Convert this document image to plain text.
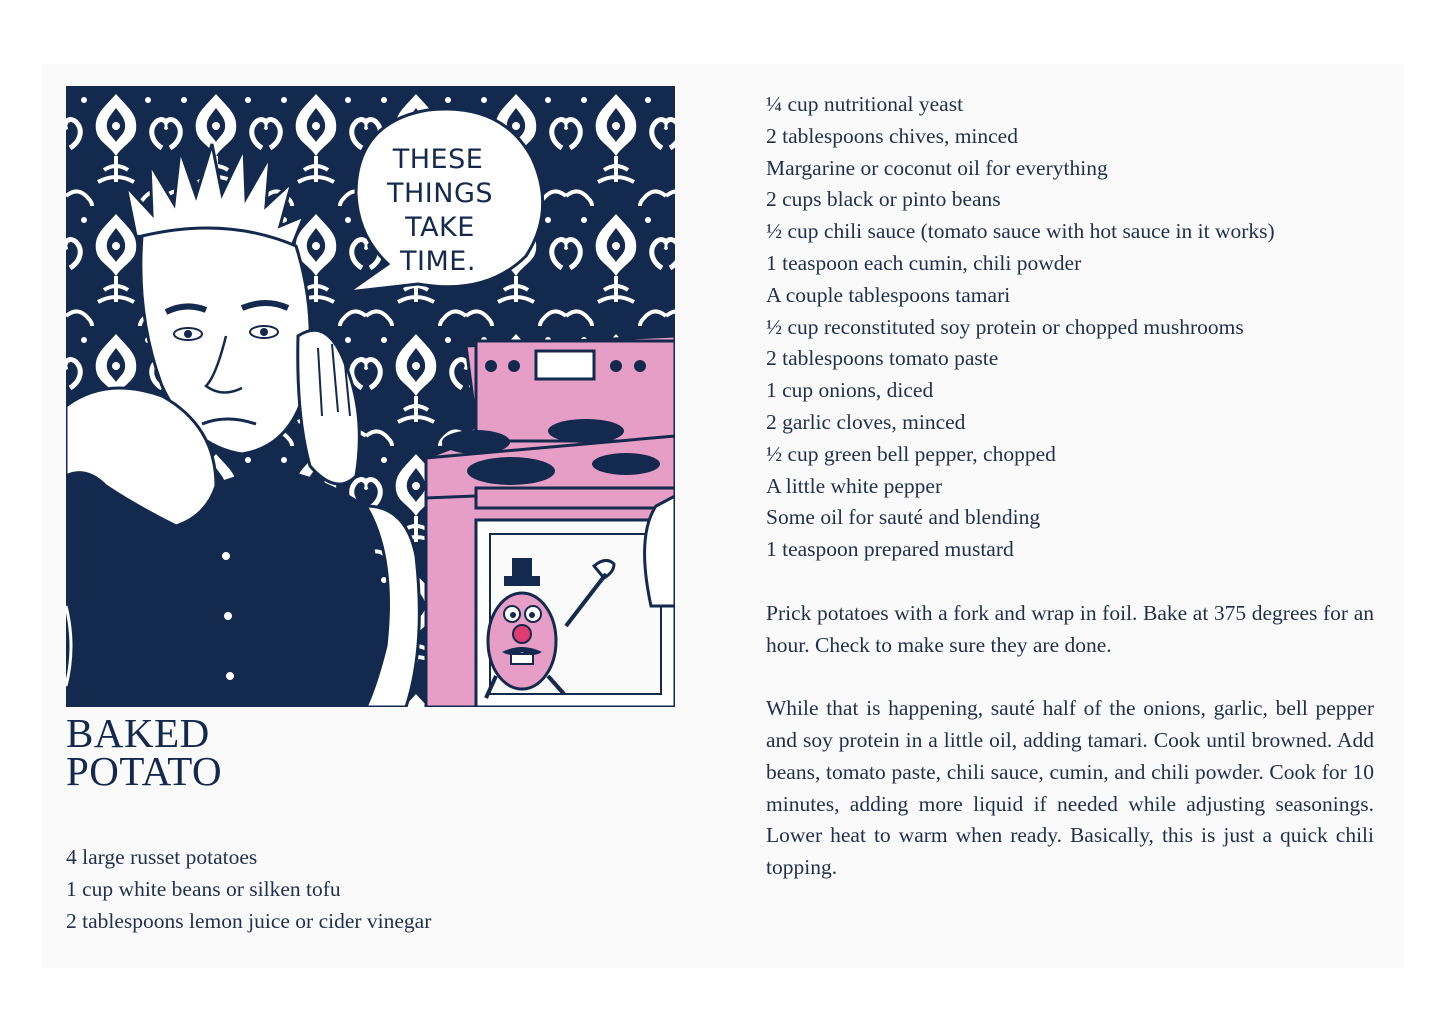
THESE
THINGS
TAKE
TIME.
BAKED
POTATO
4 large russet potatoes
1 cup white beans or silken tofu
2 tablespoons lemon juice or cider vinegar
¼ cup nutritional yeast
2 tablespoons chives, minced
Margarine or coconut oil for everything
2 cups black or pinto beans
½ cup chili sauce (tomato sauce with hot sauce in it works)
1 teaspoon each cumin, chili powder
A couple tablespoons tamari
½ cup reconstituted soy protein or chopped mushrooms
2 tablespoons tomato paste
1 cup onions, diced
2 garlic cloves, minced
½ cup green bell pepper, chopped
A little white pepper
Some oil for sauté and blending
1 teaspoon prepared mustard

Prick potatoes with a fork and wrap in foil. Bake at 375 degrees for an hour. Check to make sure they are done.

While that is happening, sauté half of the onions, garlic, bell pepper and soy protein in a little oil, adding tamari. Cook until browned. Add beans, tomato paste, chili sauce, cumin, and chili powder. Cook for 10 minutes, adding more liquid if needed while adjusting seasonings. Lower heat to warm when ready. Basically, this is just a quick chili topping.
